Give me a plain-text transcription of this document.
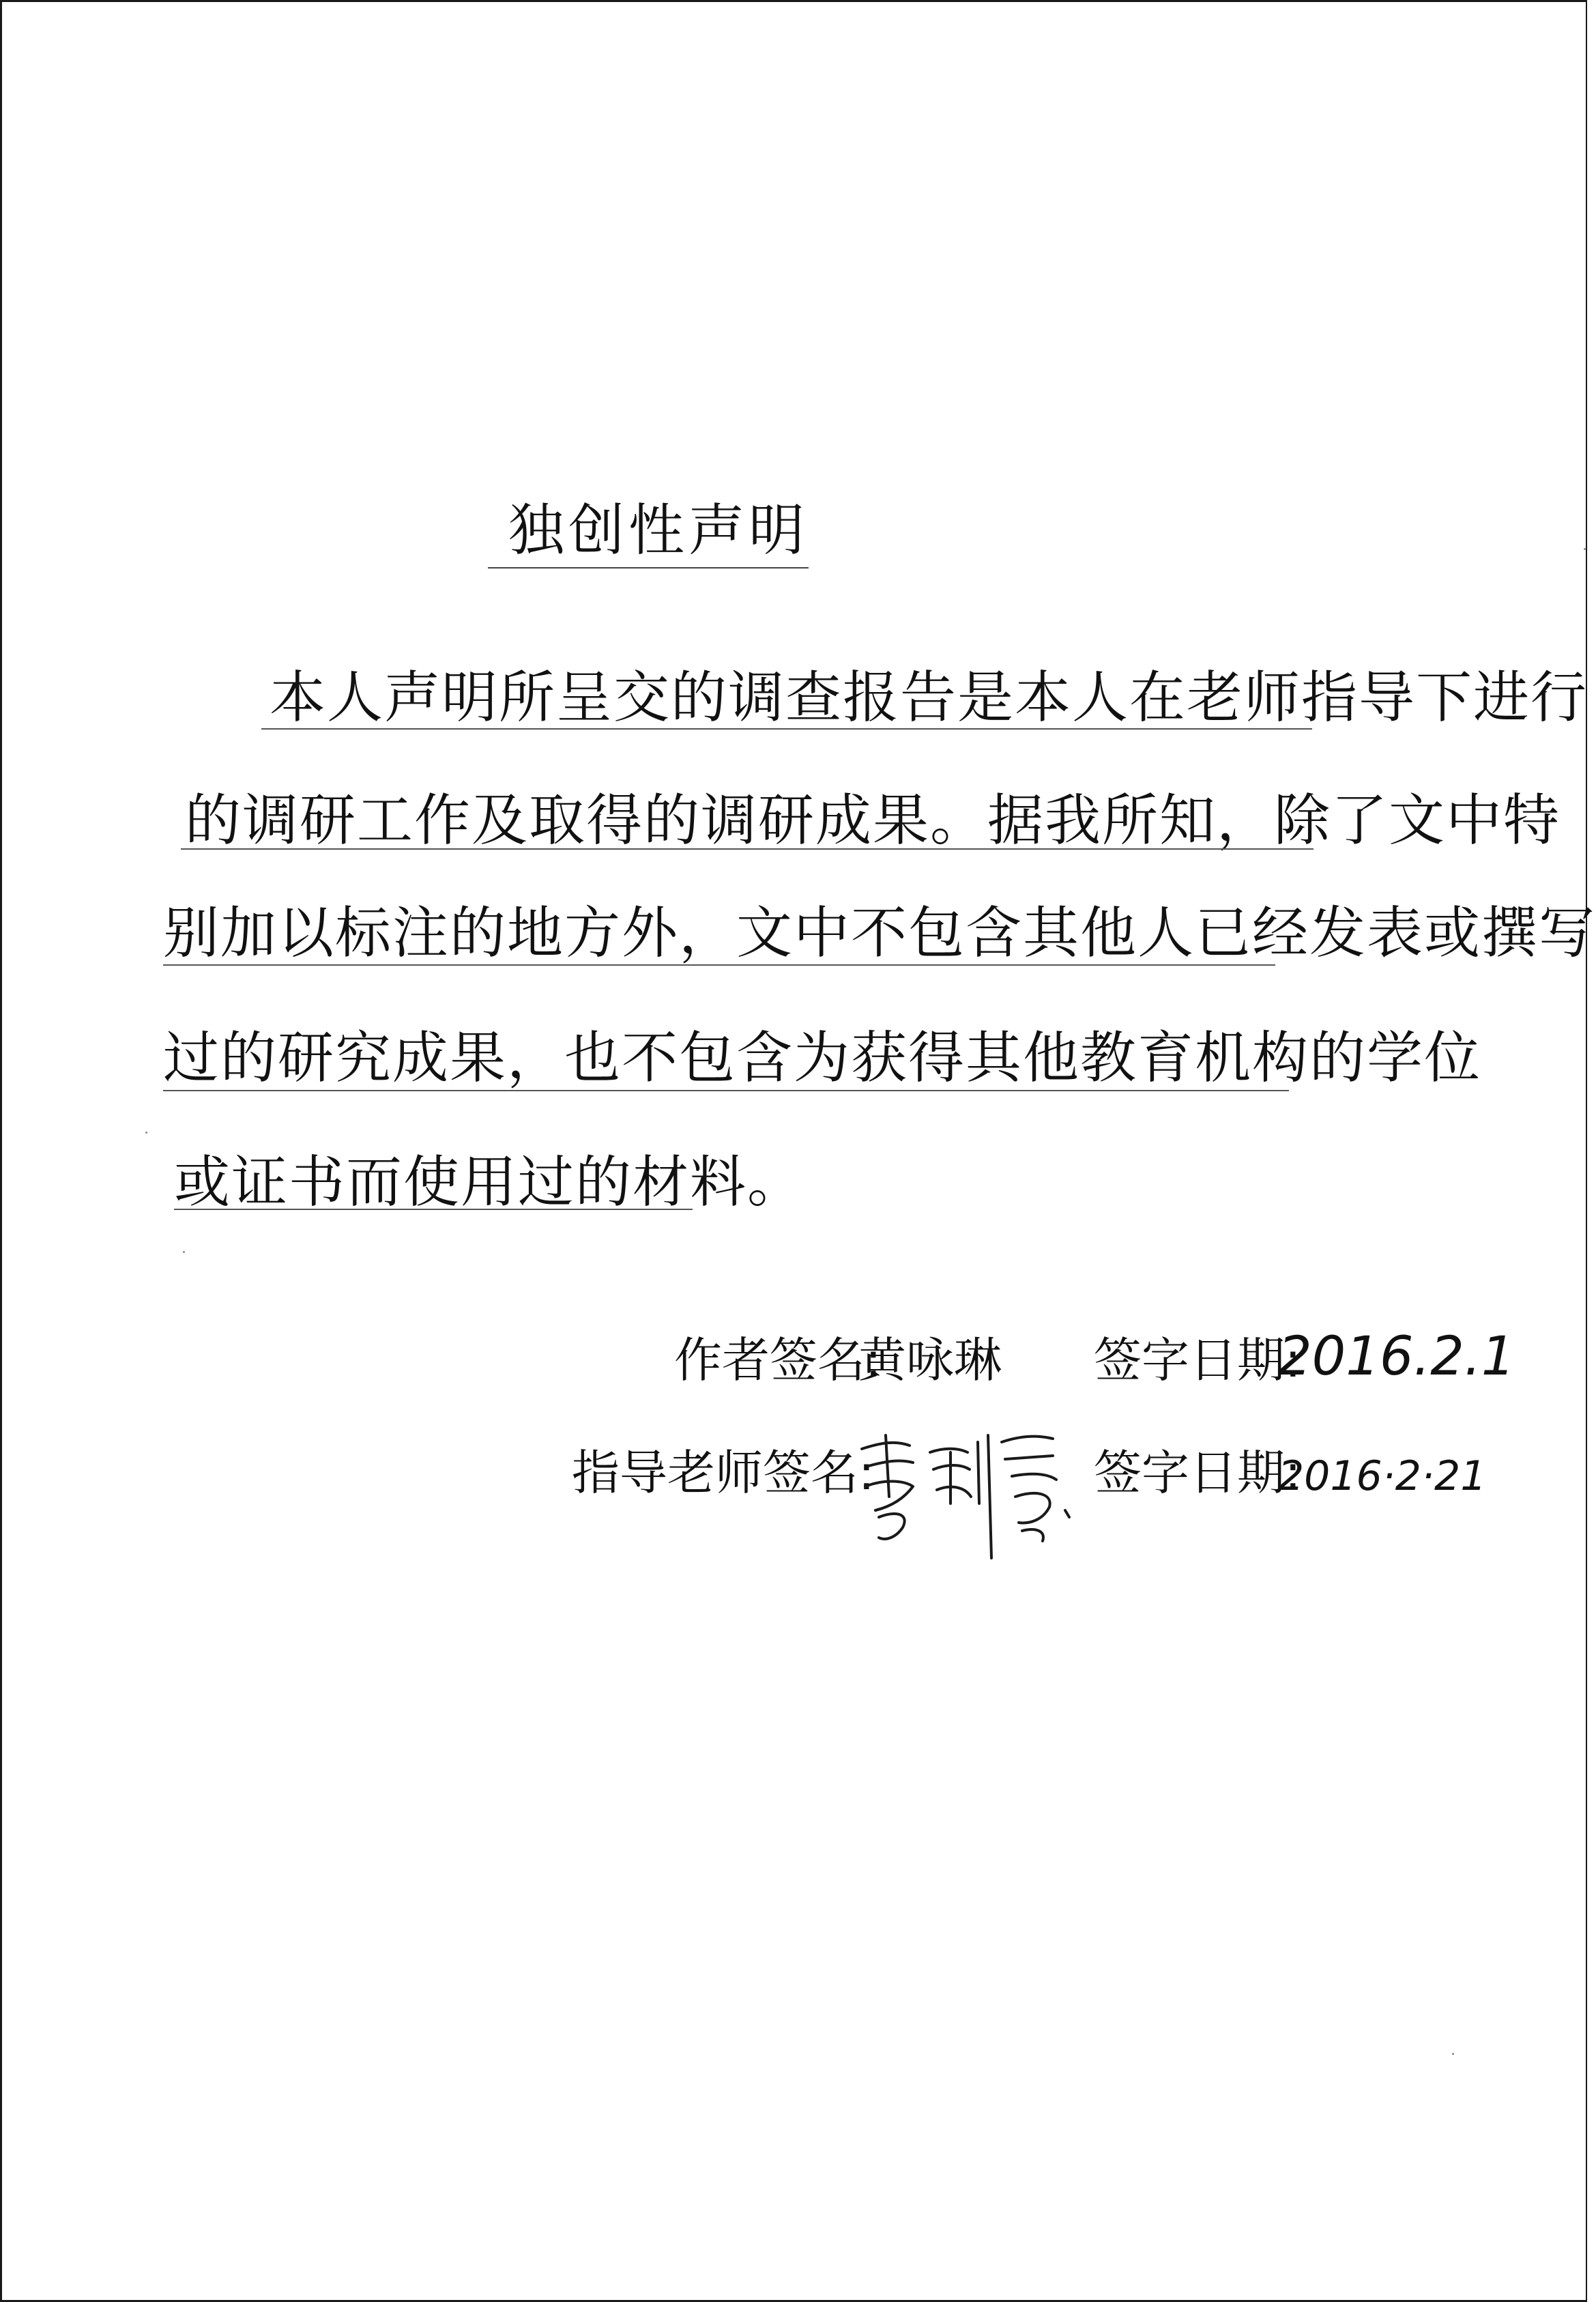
独创性声明
本人声明所呈交的调查报告是本人在老师指导下进行
的调研工作及取得的调研成果。据我所知，除了文中特
别加以标注的地方外，文中不包含其他人已经发表或撰写
过的研究成果，也不包含为获得其他教育机构的学位
或证书而使用过的材料。
作者签名:
黄咏琳	签字日期:
2016.2.1
指导老师签名:	签字日期:
2016·2·21
